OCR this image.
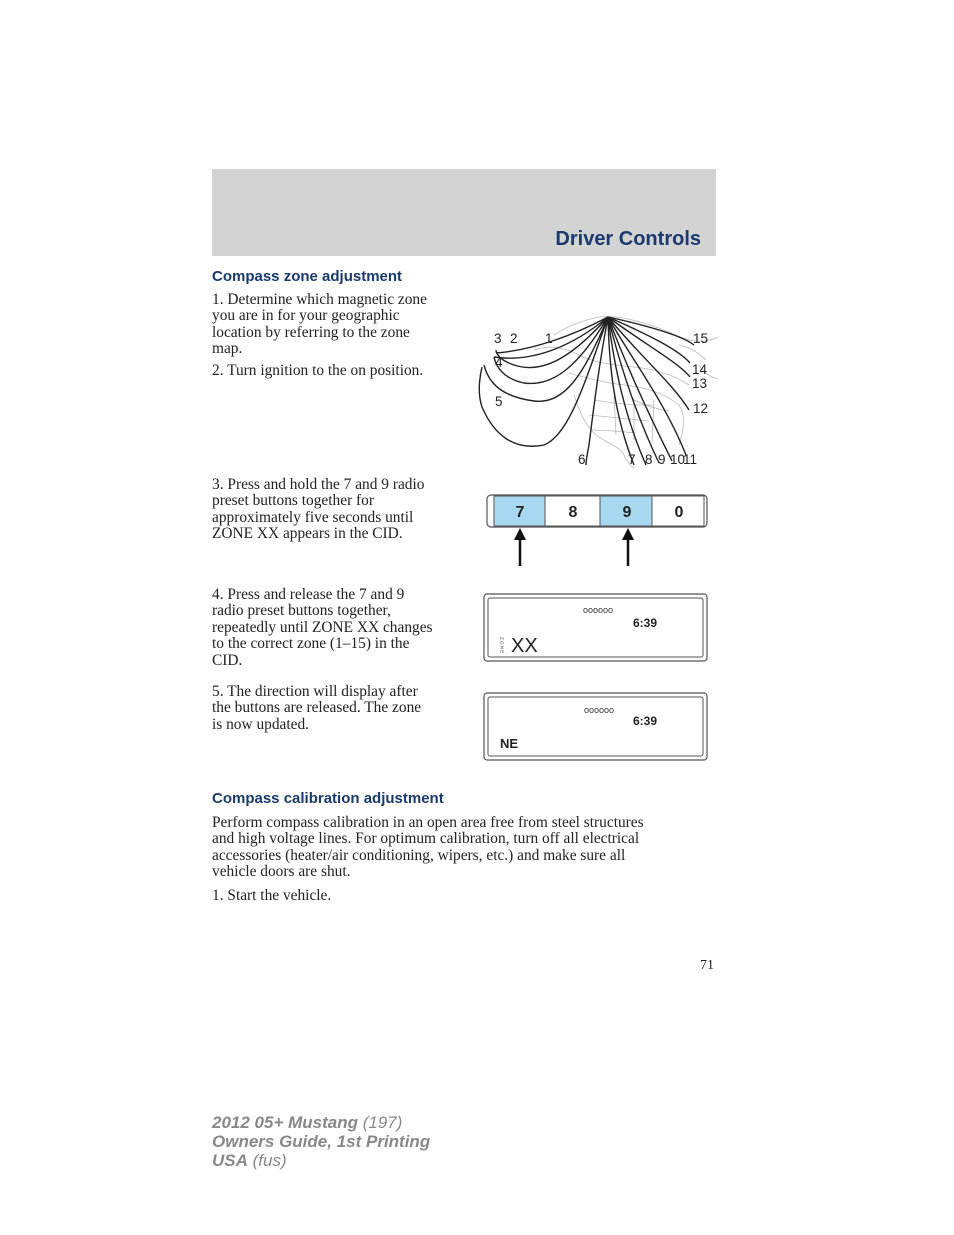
Driver Controls
Compass zone adjustment
1. Determine which magnetic zone
you are in for your geographic
location by referring to the zone
map.
2. Turn ignition to the on position.
3 2 1
4
5
6	7 8 9 10
11
12
13
14
15
3. Press and hold the 7 and 9 radio
preset buttons together for
approximately five seconds until
ZONE XX appears in the CID.
7	8	9	0
4. Press and release the 7 and 9
radio preset buttons together,
repeatedly until ZONE XX changes
to the correct zone (1–15) in the
CID.
oooooo
6:39
Z O N E XX
5. The direction will display after
the buttons are released. The zone
is now updated.
oooooo
6:39
NE
Compass calibration adjustment
Perform compass calibration in an open area free from steel structures
and high voltage lines. For optimum calibration, turn off all electrical
accessories (heater/air conditioning, wipers, etc.) and make sure all
vehicle doors are shut.
1. Start the vehicle.
71
2012 05+ Mustang (197)
Owners Guide, 1st Printing
USA (fus)
